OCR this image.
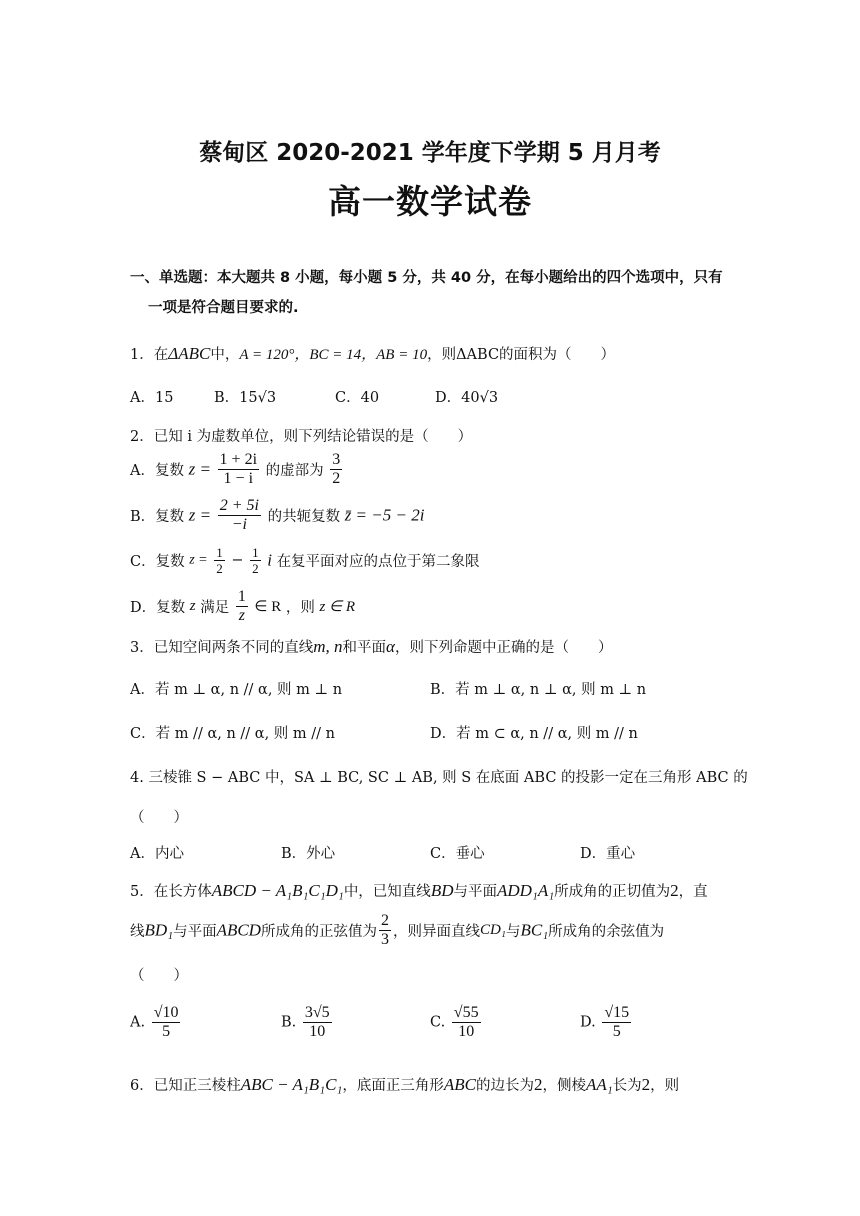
蔡甸区 2020-2021 学年度下学期 5 月月考
高一数学试卷
一、单选题：本大题共 8 小题，每小题 5 分，共 40 分，在每小题给出的四个选项中，只有
一项是符合题目要求的.
1．在ΔABC中，A = 120°，BC = 14，AB = 10，则ΔABC的面积为（　　）
A．15	B．15√3	C．40	D．40√3
2．已知 i 为虚数单位，则下列结论错误的是（　　）
A．复数 $z = \frac{1 + 2i}{1 - i}$ 的虚部为 $\frac{3}{2}$
B．复数 $z = \frac{2 + 5i}{-i}$ 的共轭复数 z̄ = −5 − 2i
C．复数 $z = \frac{1}{2} - \frac{1}{2}$ i 在复平面对应的点位于第二象限
D．复数 z 满足 $\frac{1}{z}$ ∈ R ，则 z ∈ R
3．已知空间两条不同的直线m, n和平面α，则下列命题中正确的是（　　）
A．若 m ⊥ α, n // α, 则 m ⊥ n	B．若 m ⊥ α, n ⊥ α, 则 m ⊥ n
C．若 m // α, n // α, 则 m // n	D．若 m ⊂ α, n // α, 则 m // n
4. 三棱锥 S − ABC 中，SA ⊥ BC, SC ⊥ AB, 则 S 在底面 ABC 的投影一定在三角形 ABC 的
（　　）
A．内心	B．外心	C．垂心	D．重心
5．在长方体ABCD − A₁B₁C₁D₁中，已知直线BD与平面ADD₁A₁所成角的正切值为2，直
线BD₁与平面ABCD所成角的正弦值为 $\frac{2}{3}$ ，则异面直线CD₁与BC₁所成角的余弦值为
（　　）
A. $\frac{√10}{5}$	B. $\frac{3√5}{10}$	C. $\frac{√55}{10}$	D. $\frac{√15}{5}$
6．已知正三棱柱ABC − A₁B₁C₁，底面正三角形ABC的边长为2，侧棱AA₁长为2，则
